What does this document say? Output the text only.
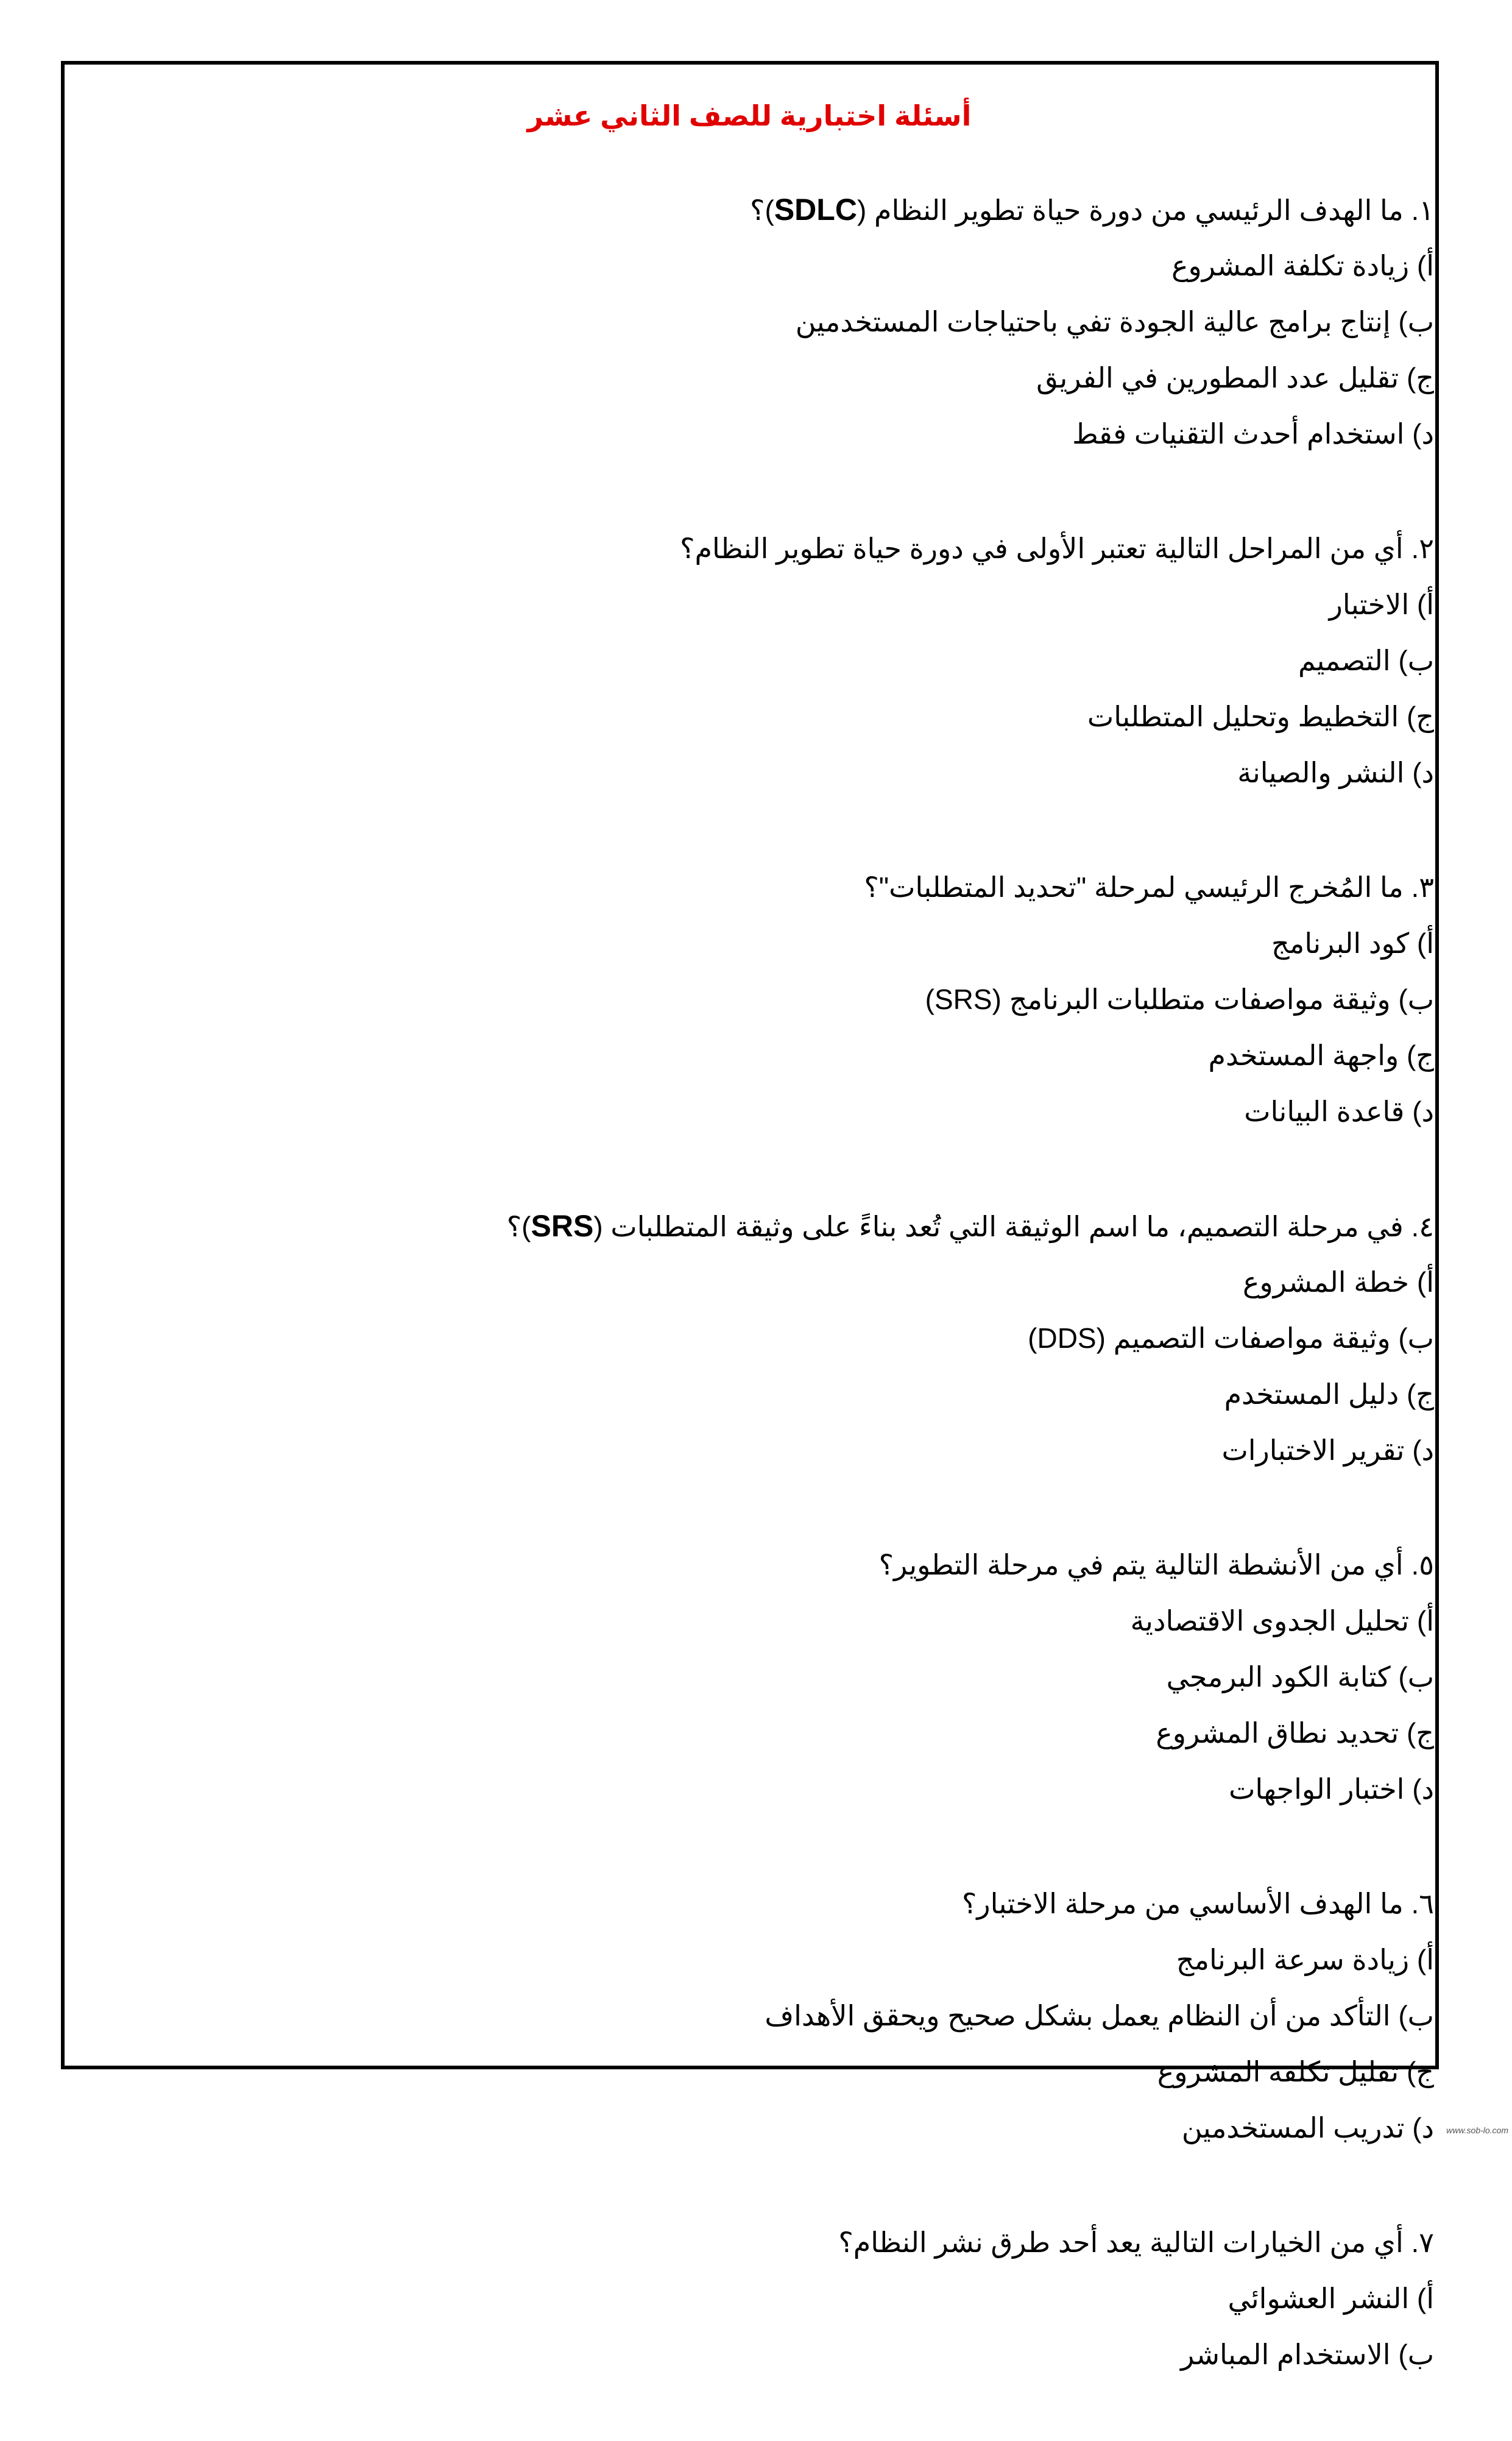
أسئلة اختبارية للصف الثاني عشر
١. ما الهدف الرئيسي من دورة حياة تطوير النظام (SDLC)؟
أ) زيادة تكلفة المشروع
ب) إنتاج برامج عالية الجودة تفي باحتياجات المستخدمين
ج) تقليل عدد المطورين في الفريق
د) استخدام أحدث التقنيات فقط
٢. أي من المراحل التالية تعتبر الأولى في دورة حياة تطوير النظام؟
أ) الاختبار
ب) التصميم
ج) التخطيط وتحليل المتطلبات
د) النشر والصيانة
٣. ما المُخرج الرئيسي لمرحلة "تحديد المتطلبات"؟
أ) كود البرنامج
ب) وثيقة مواصفات متطلبات البرنامج (SRS)
ج) واجهة المستخدم
د) قاعدة البيانات
٤. في مرحلة التصميم، ما اسم الوثيقة التي تُعد بناءً على وثيقة المتطلبات (SRS)؟
أ) خطة المشروع
ب) وثيقة مواصفات التصميم (DDS)
ج) دليل المستخدم
د) تقرير الاختبارات
٥. أي من الأنشطة التالية يتم في مرحلة التطوير؟
أ) تحليل الجدوى الاقتصادية
ب) كتابة الكود البرمجي
ج) تحديد نطاق المشروع
د) اختبار الواجهات
٦. ما الهدف الأساسي من مرحلة الاختبار؟
أ) زيادة سرعة البرنامج
ب) التأكد من أن النظام يعمل بشكل صحيح ويحقق الأهداف
ج) تقليل تكلفة المشروع
د) تدريب المستخدمين
٧. أي من الخيارات التالية يعد أحد طرق نشر النظام؟
أ) النشر العشوائي
ب) الاستخدام المباشر
www.sob-lo.com
